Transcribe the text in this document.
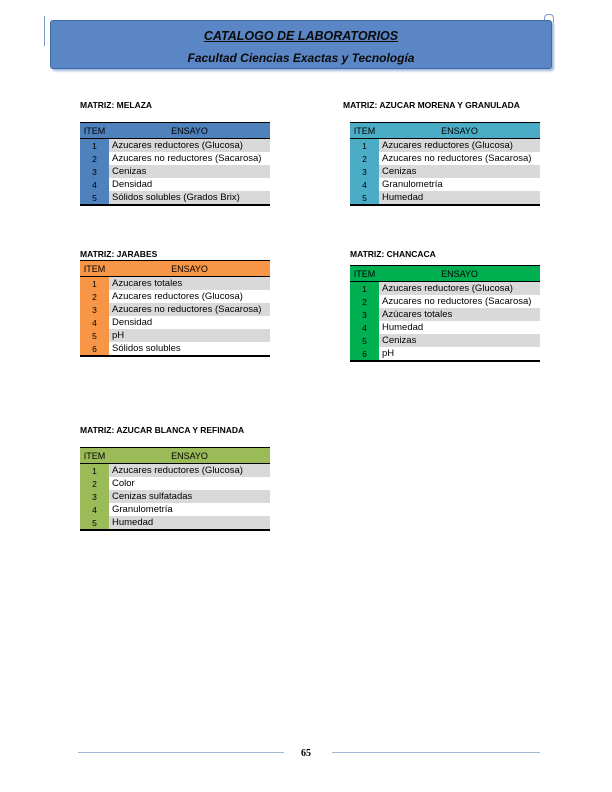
CATALOGO DE LABORATORIOS
Facultad Ciencias Exactas y Tecnología
MATRIZ: MELAZA
ITEM	ENSAYO
1	Azucares reductores (Glucosa)
2	Azucares no reductores (Sacarosa)
3	Cenizas
4	Densidad
5	Sólidos solubles (Grados Brix)
MATRIZ: AZUCAR MORENA Y GRANULADA
ITEM	ENSAYO
1	Azucares reductores (Glucosa)
2	Azucares no reductores (Sacarosa)
3	Cenizas
4	Granulometría
5	Humedad
MATRIZ: JARABES
ITEM	ENSAYO
1	Azucares totales
2	Azucares reductores (Glucosa)
3	Azucares no reductores (Sacarosa)
4	Densidad
5	pH
6	Sólidos solubles
MATRIZ: CHANCACA
ITEM	ENSAYO
1	Azucares reductores (Glucosa)
2	Azucares no reductores (Sacarosa)
3	Azúcares totales
4	Humedad
5	Cenizas
6	pH
MATRIZ: AZUCAR BLANCA Y REFINADA
ITEM	ENSAYO
1	Azucares reductores (Glucosa)
2	Color
3	Cenizas sulfatadas
4	Granulometría
5	Humedad
65
